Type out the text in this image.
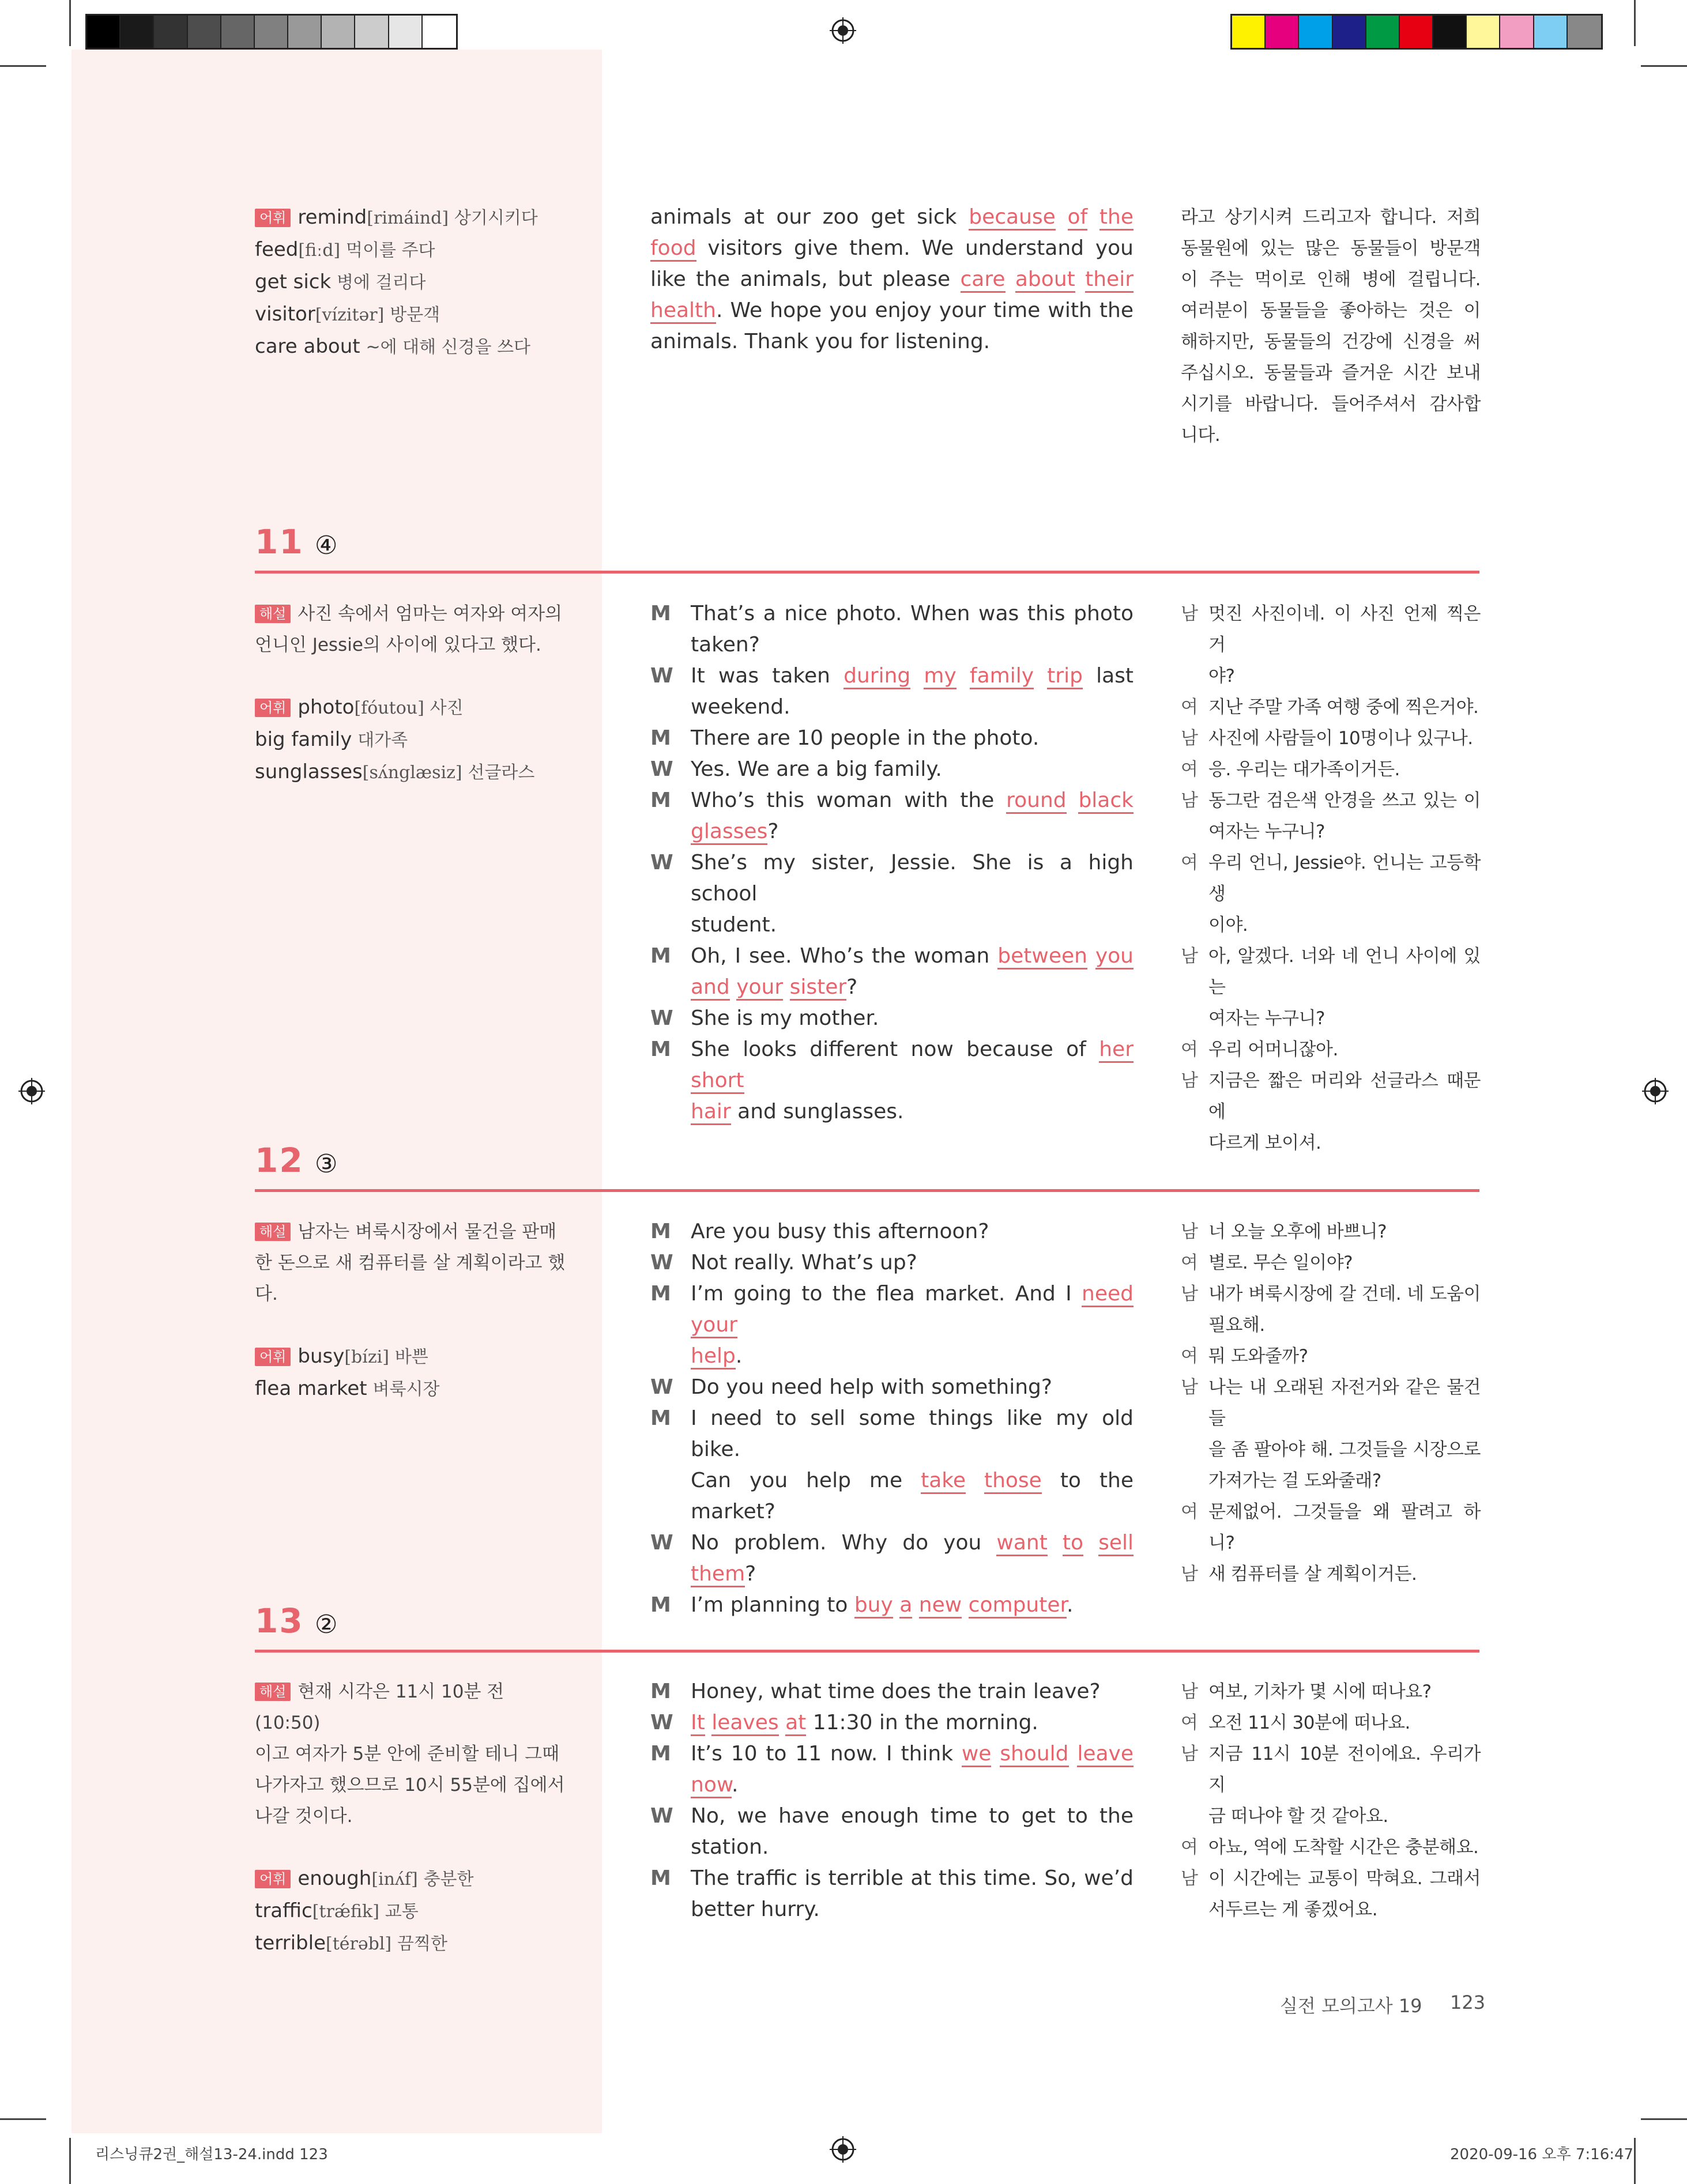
어휘 remind[rimáind] 상기시키다
feed[fiːd] 먹이를 주다
get sick 병에 걸리다
visitor[vízitər] 방문객
care about ~에 대해 신경을 쓰다
animals at our zoo get sick because of the
food visitors give them. We understand you
like the animals, but please care about their
health. We hope you enjoy your time with the
animals. Thank you for listening.
라고 상기시켜 드리고자 합니다. 저희
동물원에 있는 많은 동물들이 방문객
이 주는 먹이로 인해 병에 걸립니다.
여러분이 동물들을 좋아하는 것은 이
해하지만, 동물들의 건강에 신경을 써
주십시오. 동물들과 즐거운 시간 보내
시기를 바랍니다. 들어주셔서 감사합
니다.
11 ④
해설 사진 속에서 엄마는 여자와 여자의
언니인 Jessie의 사이에 있다고 했다.
어휘 photo[fóutou] 사진
big family 대가족
sunglasses[sʌ́nglæsiz] 선글라스
M That’s a nice photo. When was this photo
taken?
W It was taken during my family trip last
weekend.
M There are 10 people in the photo.
W Yes. We are a big family.
M Who’s this woman with the round black
glasses?
W She’s my sister, Jessie. She is a high school
student.
M Oh, I see. Who’s the woman between you
and your sister?
W She is my mother.
M She looks different now because of her short
hair and sunglasses.
남 멋진 사진이네. 이 사진 언제 찍은 거
야?
여 지난 주말 가족 여행 중에 찍은거야.
남 사진에 사람들이 10명이나 있구나.
여 응. 우리는 대가족이거든.
남 동그란 검은색 안경을 쓰고 있는 이
여자는 누구니?
여 우리 언니, Jessie야. 언니는 고등학생
이야.
남 아, 알겠다. 너와 네 언니 사이에 있는
여자는 누구니?
여 우리 어머니잖아.
남 지금은 짧은 머리와 선글라스 때문에
다르게 보이셔.
12 ③
해설 남자는 벼룩시장에서 물건을 판매
한 돈으로 새 컴퓨터를 살 계획이라고 했
다.
어휘 busy[bízi] 바쁜
flea market 벼룩시장
M Are you busy this afternoon?
W Not really. What’s up?
M I’m going to the flea market. And I need your
help.
W Do you need help with something?
M I need to sell some things like my old bike.
Can you help me take those to the market?
W No problem. Why do you want to sell them?
M I’m planning to buy a new computer.
남 너 오늘 오후에 바쁘니?
여 별로. 무슨 일이야?
남 내가 벼룩시장에 갈 건데. 네 도움이
필요해.
여 뭐 도와줄까?
남 나는 내 오래된 자전거와 같은 물건들
을 좀 팔아야 해. 그것들을 시장으로
가져가는 걸 도와줄래?
여 문제없어. 그것들을 왜 팔려고 하니?
남 새 컴퓨터를 살 계획이거든.
13 ②
해설 현재 시각은 11시 10분 전(10:50)
이고 여자가 5분 안에 준비할 테니 그때
나가자고 했으므로 10시 55분에 집에서
나갈 것이다.
어휘 enough[inʌ́f] 충분한
traffic[trǽfik] 교통
terrible[térəbl] 끔찍한
M Honey, what time does the train leave?
W It leaves at 11:30 in the morning.
M It’s 10 to 11 now. I think we should leave
now.
W No, we have enough time to get to the
station.
M The traffic is terrible at this time. So, we’d
better hurry.
남 여보, 기차가 몇 시에 떠나요?
여 오전 11시 30분에 떠나요.
남 지금 11시 10분 전이에요. 우리가 지
금 떠나야 할 것 같아요.
여 아뇨, 역에 도착할 시간은 충분해요.
남 이 시간에는 교통이 막혀요. 그래서
서두르는 게 좋겠어요.
실전 모의고사 19 123
리스닝큐2권_해설13-24.indd 123	2020-09-16 오후 7:16:47
